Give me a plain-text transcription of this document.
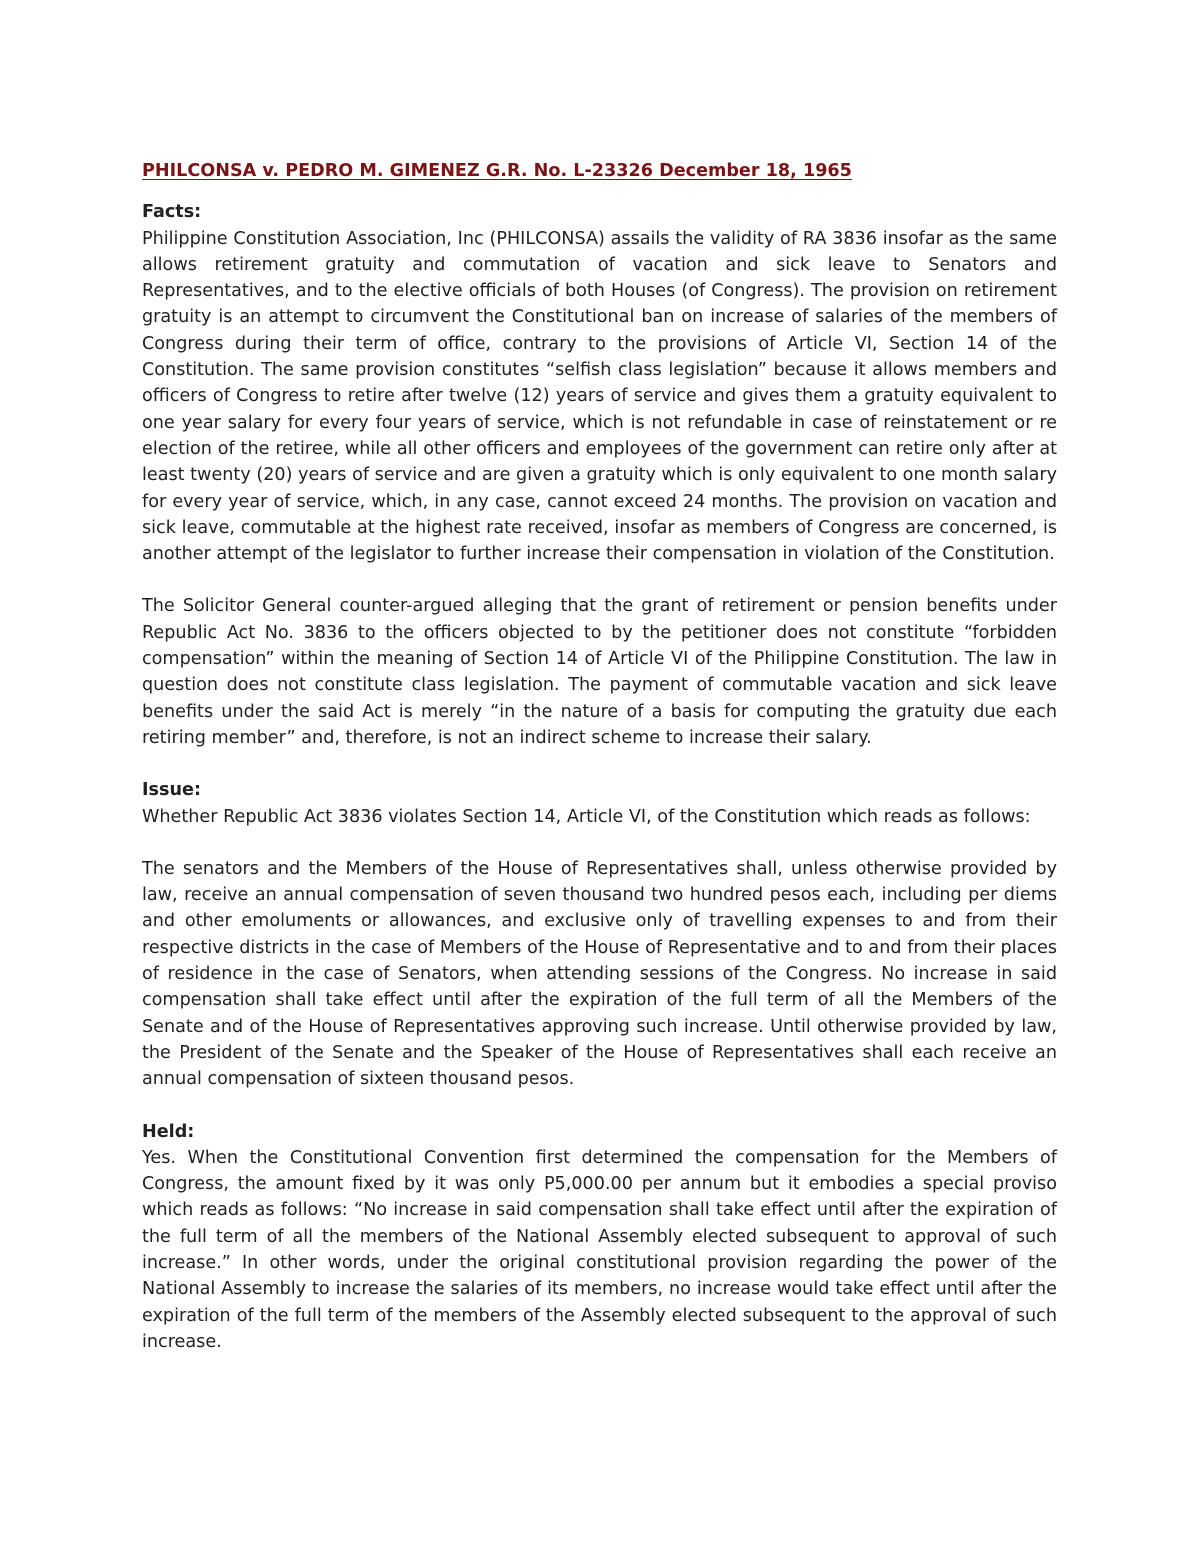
PHILCONSA v. PEDRO M. GIMENEZ G.R. No. L-23326 December 18, 1965

Facts:

Philippine Constitution Association, Inc (PHILCONSA) assails the validity of RA 3836 insofar as the same allows retirement gratuity and commutation of vacation and sick leave to Senators and Representatives, and to the elective officials of both Houses (of Congress). The provision on retirement gratuity is an attempt to circumvent the Constitutional ban on increase of salaries of the members of Congress during their term of office, contrary to the provisions of Article VI, Section 14 of the Constitution. The same provision constitutes “selfish class legislation” because it allows members and officers of Congress to retire after twelve (12) years of service and gives them a gratuity equivalent to one year salary for every four years of service, which is not refundable in case of reinstatement or re election of the retiree, while all other officers and employees of the government can retire only after at least twenty (20) years of service and are given a gratuity which is only equivalent to one month salary for every year of service, which, in any case, cannot exceed 24 months. The provision on vacation and sick leave, commutable at the highest rate received, insofar as members of Congress are concerned, is another attempt of the legislator to further increase their compensation in violation of the Constitution.

The Solicitor General counter-argued alleging that the grant of retirement or pension benefits under Republic Act No. 3836 to the officers objected to by the petitioner does not constitute “forbidden compensation” within the meaning of Section 14 of Article VI of the Philippine Constitution. The law in question does not constitute class legislation. The payment of commutable vacation and sick leave benefits under the said Act is merely “in the nature of a basis for computing the gratuity due each retiring member” and, therefore, is not an indirect scheme to increase their salary.

Issue:

Whether Republic Act 3836 violates Section 14, Article VI, of the Constitution which reads as follows:

The senators and the Members of the House of Representatives shall, unless otherwise provided by law, receive an annual compensation of seven thousand two hundred pesos each, including per diems and other emoluments or allowances, and exclusive only of travelling expenses to and from their respective districts in the case of Members of the House of Representative and to and from their places of residence in the case of Senators, when attending sessions of the Congress. No increase in said compensation shall take effect until after the expiration of the full term of all the Members of the Senate and of the House of Representatives approving such increase. Until otherwise provided by law, the President of the Senate and the Speaker of the House of Representatives shall each receive an annual compensation of sixteen thousand pesos.

Held:

Yes. When the Constitutional Convention first determined the compensation for the Members of Congress, the amount fixed by it was only P5,000.00 per annum but it embodies a special proviso which reads as follows: “No increase in said compensation shall take effect until after the expiration of the full term of all the members of the National Assembly elected subsequent to approval of such increase.” In other words, under the original constitutional provision regarding the power of the National Assembly to increase the salaries of its members, no increase would take effect until after the expiration of the full term of the members of the Assembly elected subsequent to the approval of such increase.
